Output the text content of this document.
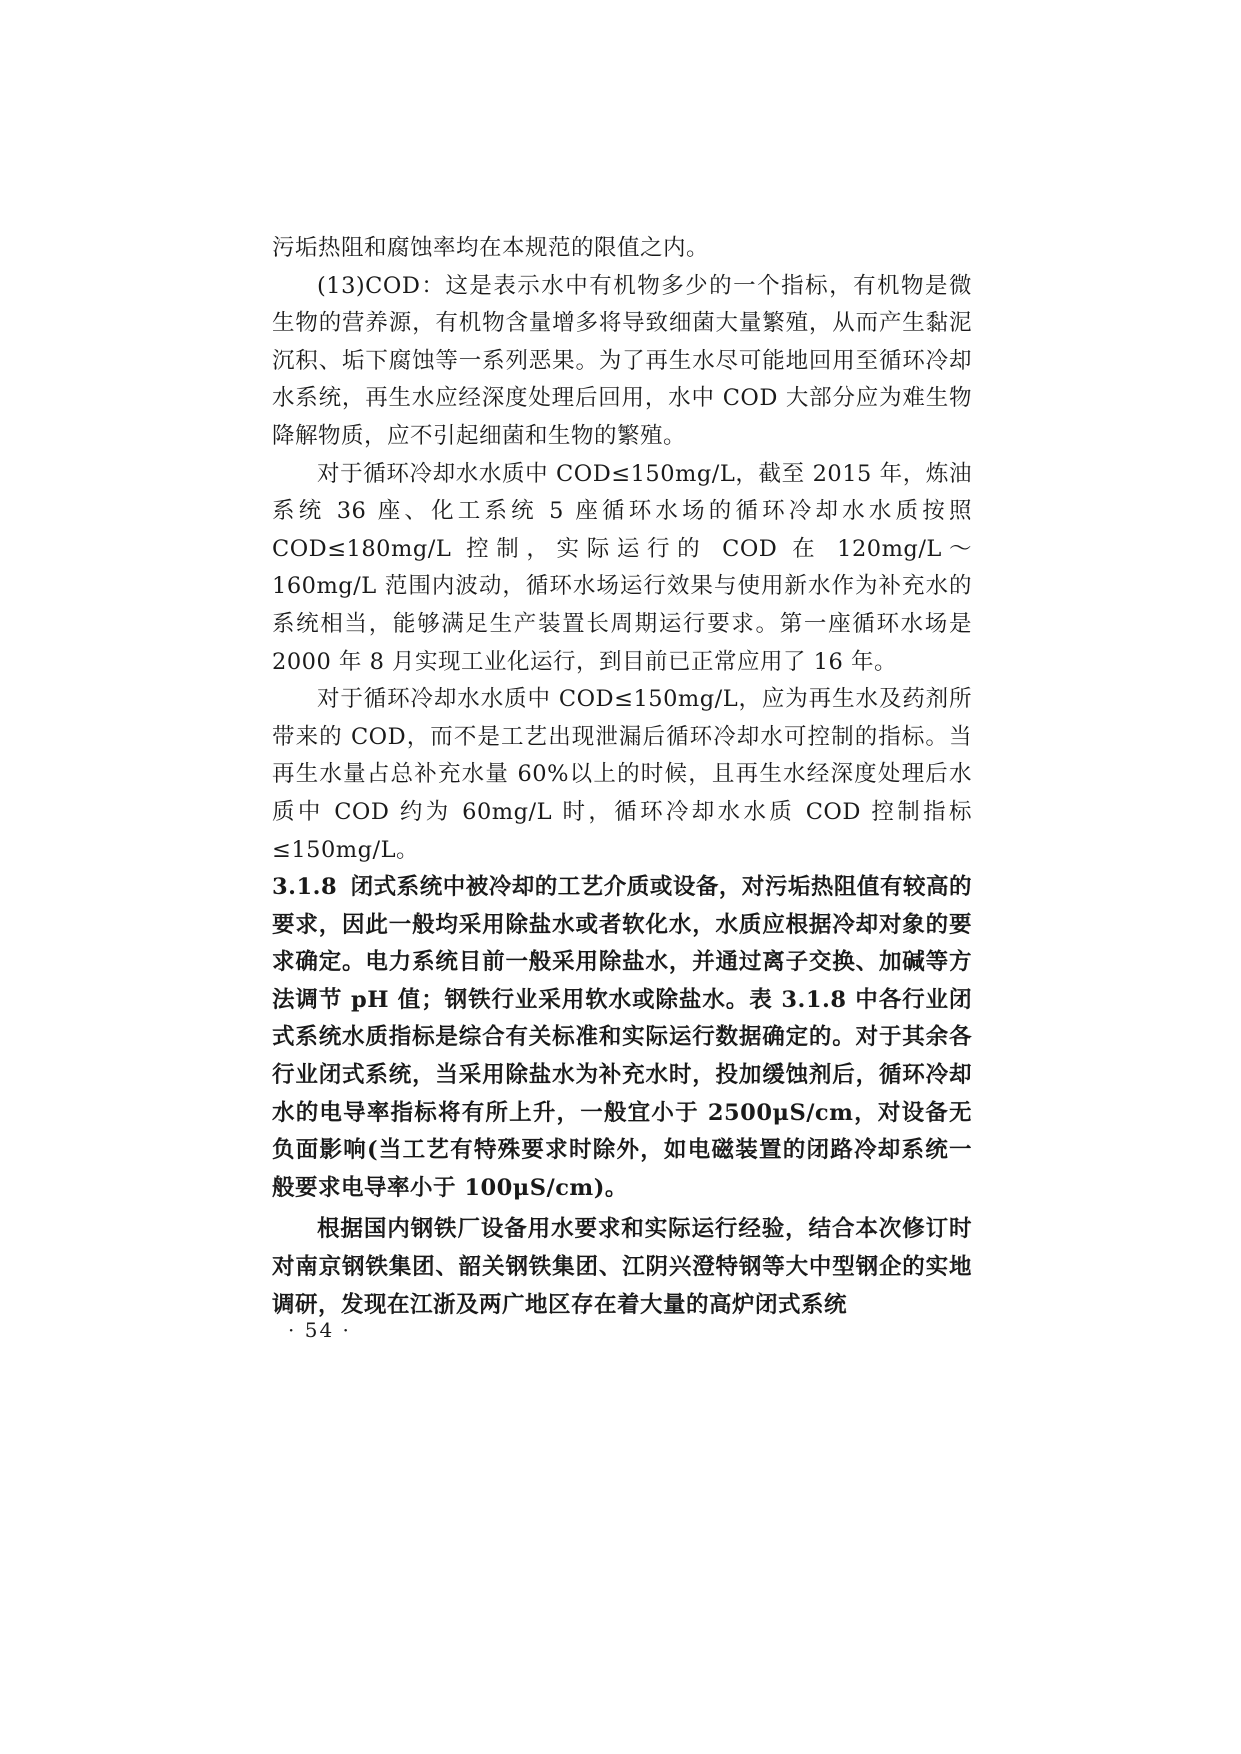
污垢热阻和腐蚀率均在本规范的限值之内。

(13)COD：这是表示水中有机物多少的一个指标，有机物是微生物的营养源，有机物含量增多将导致细菌大量繁殖，从而产生黏泥沉积、垢下腐蚀等一系列恶果。为了再生水尽可能地回用至循环冷却水系统，再生水应经深度处理后回用，水中 COD 大部分应为难生物降解物质，应不引起细菌和生物的繁殖。

对于循环冷却水水质中 COD≤150mg/L，截至 2015 年，炼油系统 36 座、化工系统 5 座循环水场的循环冷却水水质按照COD≤180mg/L 控制，实际运行的 COD 在 120mg/L～160mg/L 范围内波动，循环水场运行效果与使用新水作为补充水的系统相当，能够满足生产装置长周期运行要求。第一座循环水场是 2000 年 8 月实现工业化运行，到目前已正常应用了 16 年。

对于循环冷却水水质中 COD≤150mg/L，应为再生水及药剂所带来的 COD，而不是工艺出现泄漏后循环冷却水可控制的指标。当再生水量占总补充水量 60%以上的时候，且再生水经深度处理后水质中 COD 约为 60mg/L 时，循环冷却水水质 COD 控制指标≤150mg/L。

3.1.8 闭式系统中被冷却的工艺介质或设备，对污垢热阻值有较高的要求，因此一般均采用除盐水或者软化水，水质应根据冷却对象的要求确定。电力系统目前一般采用除盐水，并通过离子交换、加碱等方法调节 pH 值；钢铁行业采用软水或除盐水。表 3.1.8 中各行业闭式系统水质指标是综合有关标准和实际运行数据确定的。对于其余各行业闭式系统，当采用除盐水为补充水时，投加缓蚀剂后，循环冷却水的电导率指标将有所上升，一般宜小于 2500μS/cm，对设备无负面影响(当工艺有特殊要求时除外，如电磁装置的闭路冷却系统一般要求电导率小于 100μS/cm)。

根据国内钢铁厂设备用水要求和实际运行经验，结合本次修订时对南京钢铁集团、韶关钢铁集团、江阴兴澄特钢等大中型钢企的实地调研，发现在江浙及两广地区存在着大量的高炉闭式系统

· 54 ·
